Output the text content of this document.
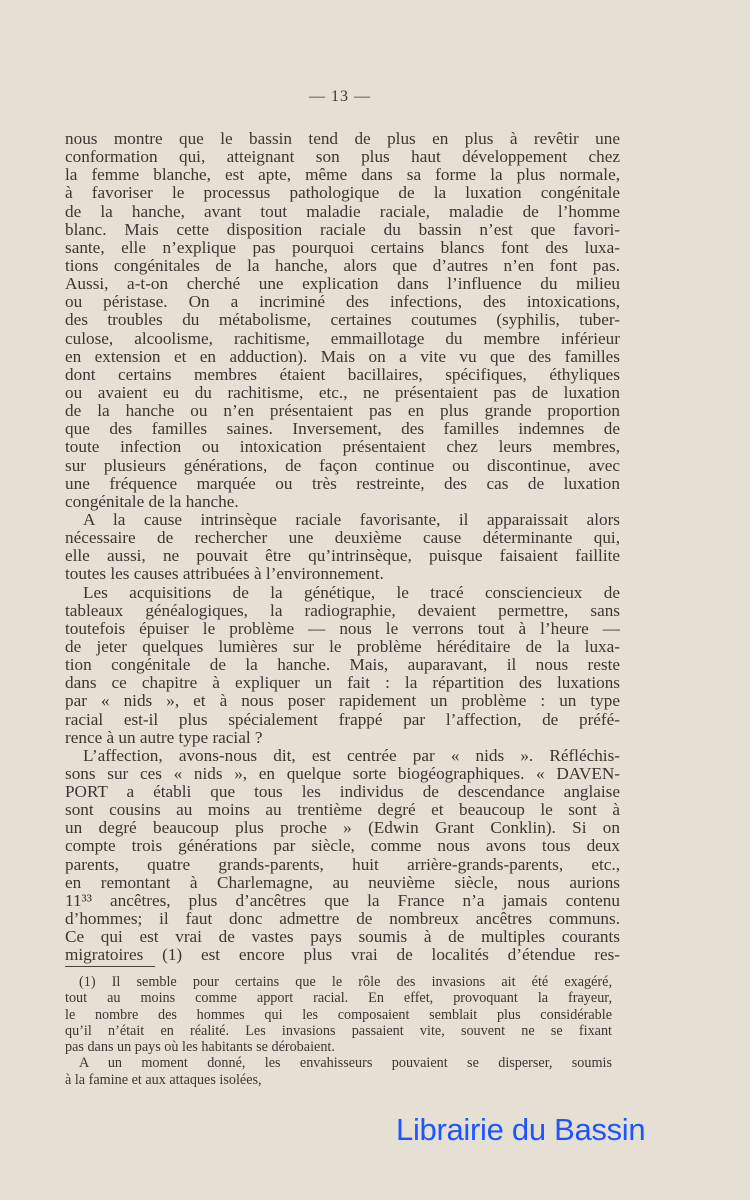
— 13 —
nous montre que le bassin tend de plus en plus à revêtir une
conformation qui, atteignant son plus haut développement chez
la femme blanche, est apte, même dans sa forme la plus normale,
à favoriser le processus pathologique de la luxation congénitale
de la hanche, avant tout maladie raciale, maladie de l’homme
blanc. Mais cette disposition raciale du bassin n’est que favori-
sante, elle n’explique pas pourquoi certains blancs font des luxa-
tions congénitales de la hanche, alors que d’autres n’en font pas.
Aussi, a-t-on cherché une explication dans l’influence du milieu
ou péristase. On a incriminé des infections, des intoxications,
des troubles du métabolisme, certaines coutumes (syphilis, tuber-
culose, alcoolisme, rachitisme, emmaillotage du membre inférieur
en extension et en adduction). Mais on a vite vu que des familles
dont certains membres étaient bacillaires, spécifiques, éthyliques
ou avaient eu du rachitisme, etc., ne présentaient pas de luxation
de la hanche ou n’en présentaient pas en plus grande proportion
que des familles saines. Inversement, des familles indemnes de
toute infection ou intoxication présentaient chez leurs membres,
sur plusieurs générations, de façon continue ou discontinue, avec
une fréquence marquée ou très restreinte, des cas de luxation
congénitale de la hanche.
A la cause intrinsèque raciale favorisante, il apparaissait alors
nécessaire de rechercher une deuxième cause déterminante qui,
elle aussi, ne pouvait être qu’intrinsèque, puisque faisaient faillite
toutes les causes attribuées à l’environnement.
Les acquisitions de la génétique, le tracé consciencieux de
tableaux généalogiques, la radiographie, devaient permettre, sans
toutefois épuiser le problème — nous le verrons tout à l’heure —
de jeter quelques lumières sur le problème héréditaire de la luxa-
tion congénitale de la hanche. Mais, auparavant, il nous reste
dans ce chapitre à expliquer un fait : la répartition des luxations
par « nids », et à nous poser rapidement un problème : un type
racial est-il plus spécialement frappé par l’affection, de préfé-
rence à un autre type racial ?
L’affection, avons-nous dit, est centrée par « nids ». Réfléchis-
sons sur ces « nids », en quelque sorte biogéographiques. « DAVEN-
PORT a établi que tous les individus de descendance anglaise
sont cousins au moins au trentième degré et beaucoup le sont à
un degré beaucoup plus proche » (Edwin Grant Conklin). Si on
compte trois générations par siècle, comme nous avons tous deux
parents, quatre grands-parents, huit arrière-grands-parents, etc.,
en remontant à Charlemagne, au neuvième siècle, nous aurions
11³³ ancêtres, plus d’ancêtres que la France n’a jamais contenu
d’hommes; il faut donc admettre de nombreux ancêtres communs.
Ce qui est vrai de vastes pays soumis à de multiples courants
migratoires (1) est encore plus vrai de localités d’étendue res-
(1) Il semble pour certains que le rôle des invasions ait été exagéré,
tout au moins comme apport racial. En effet, provoquant la frayeur,
le nombre des hommes qui les composaient semblait plus considérable
qu’il n’était en réalité. Les invasions passaient vite, souvent ne se fixant
pas dans un pays où les habitants se dérobaient.
A un moment donné, les envahisseurs pouvaient se disperser, soumis
à la famine et aux attaques isolées,
Librairie du Bassin
